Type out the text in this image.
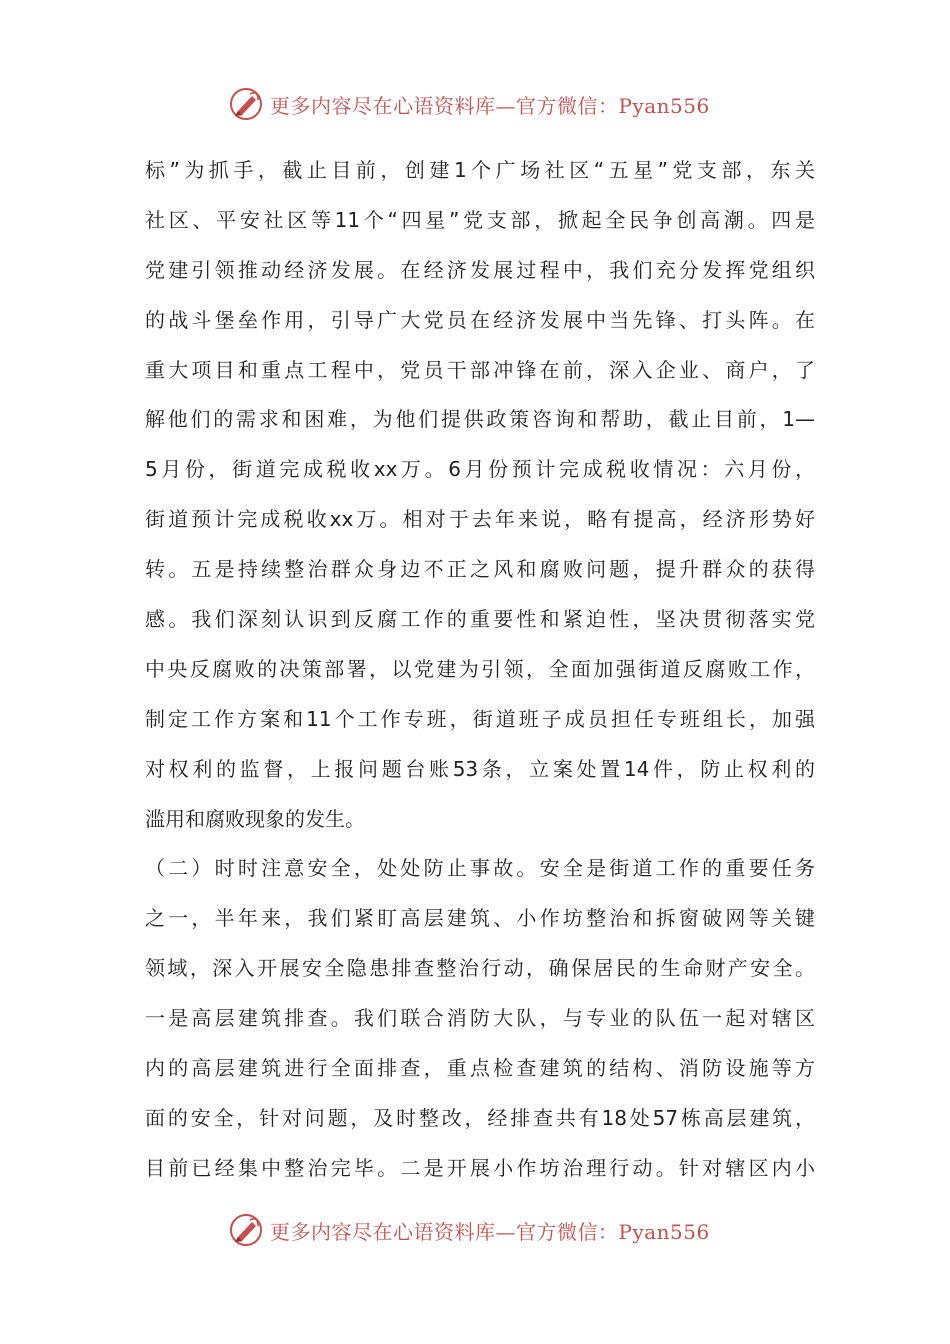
更多内容尽在心语资料库—官方微信：Pyan556
标”为抓手，截止目前，创建1个广场社区“五星”党支部，东关
社区、平安社区等11个“四星”党支部，掀起全民争创高潮。四是
党建引领推动经济发展。在经济发展过程中，我们充分发挥党组织
的战斗堡垒作用，引导广大党员在经济发展中当先锋、打头阵。在
重大项目和重点工程中，党员干部冲锋在前，深入企业、商户，了
解他们的需求和困难，为他们提供政策咨询和帮助，截止目前，1—
5月份，街道完成税收xx万。6月份预计完成税收情况：六月份，
街道预计完成税收xx万。相对于去年来说，略有提高，经济形势好
转。五是持续整治群众身边不正之风和腐败问题，提升群众的获得
感。我们深刻认识到反腐工作的重要性和紧迫性，坚决贯彻落实党
中央反腐败的决策部署，以党建为引领，全面加强街道反腐败工作，
制定工作方案和11个工作专班，街道班子成员担任专班组长，加强
对权利的监督，上报问题台账53条，立案处置14件，防止权利的
滥用和腐败现象的发生。
（二）时时注意安全，处处防止事故。安全是街道工作的重要任务
之一，半年来，我们紧盯高层建筑、小作坊整治和拆窗破网等关键
领域，深入开展安全隐患排查整治行动，确保居民的生命财产安全。
一是高层建筑排查。我们联合消防大队，与专业的队伍一起对辖区
内的高层建筑进行全面排查，重点检查建筑的结构、消防设施等方
面的安全，针对问题，及时整改，经排查共有18处57栋高层建筑，
目前已经集中整治完毕。二是开展小作坊治理行动。针对辖区内小
更多内容尽在心语资料库—官方微信：Pyan556
